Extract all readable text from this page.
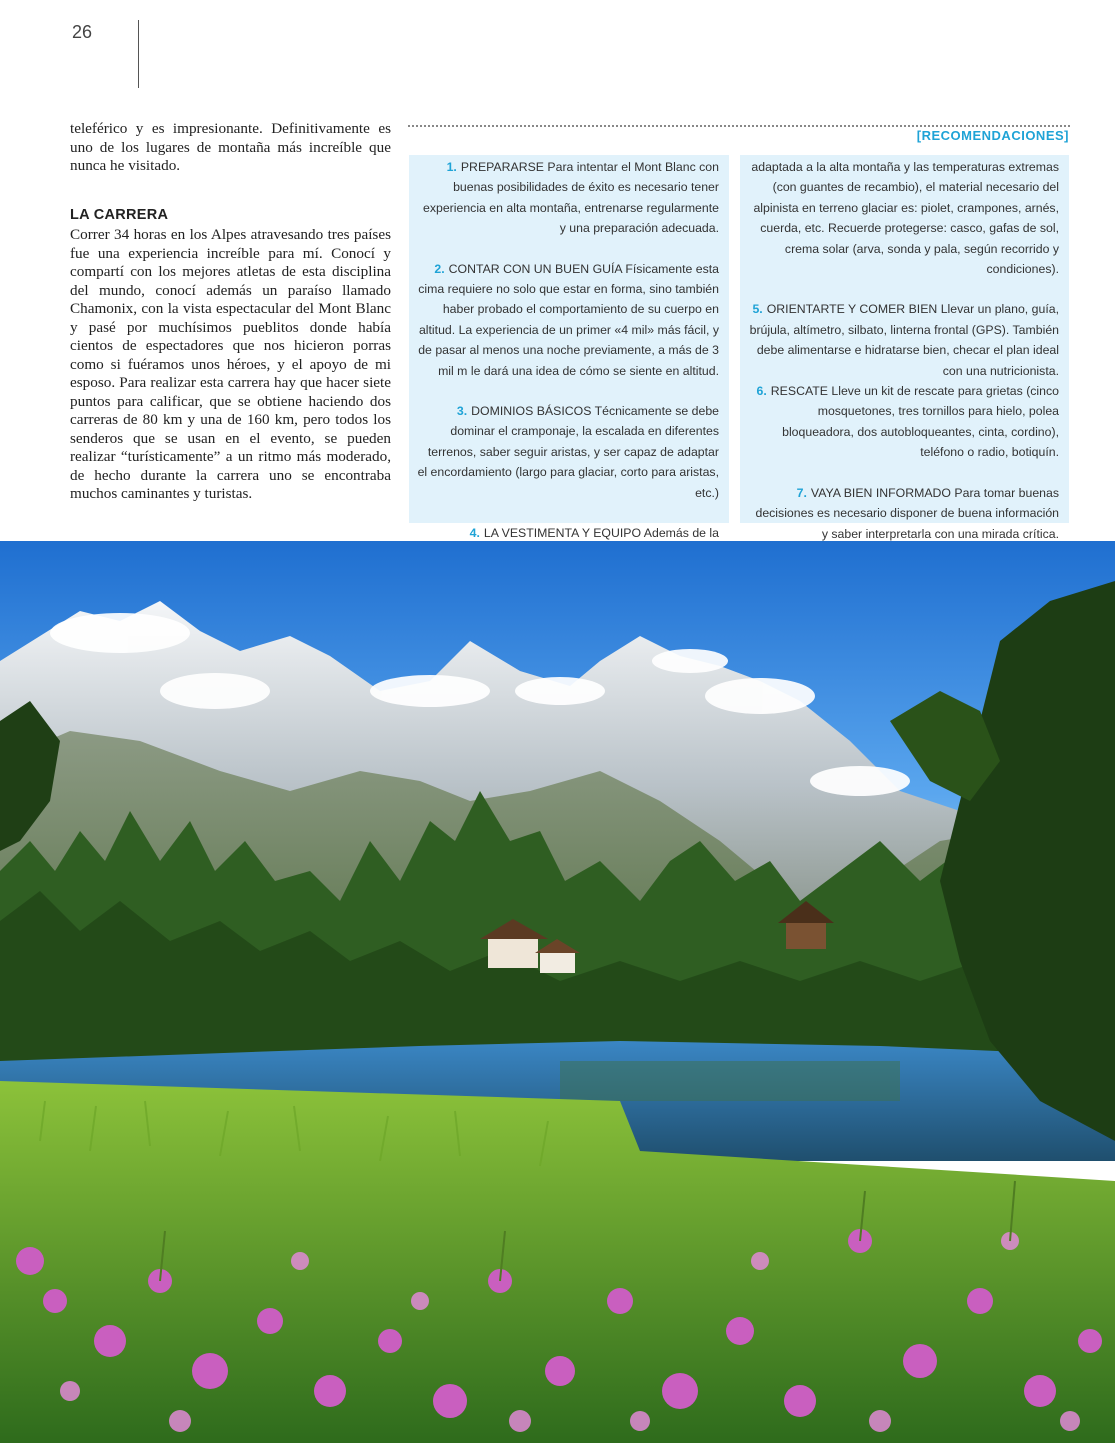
26

teleférico y es impresionante. Definitivamente es uno de los lugares de montaña más increíble que nunca he visitado.

LA CARRERA

Correr 34 horas en los Alpes atravesando tres países fue una experiencia increíble para mí. Conocí y compartí con los mejores atletas de esta disciplina del mundo, conocí además un paraíso llamado Chamonix, con la vista espectacular del Mont Blanc y pasé por muchísimos pueblitos donde había cientos de espectadores que nos hicieron porras como si fuéramos unos héroes, y el apoyo de mi esposo. Para realizar esta carrera hay que hacer siete puntos para calificar, que se obtiene haciendo dos carreras de 80 km y una de 160 km, pero todos los senderos que se usan en el evento, se pueden realizar “turísticamente” a un ritmo más moderado, de hecho durante la carrera uno se encontraba muchos caminantes y turistas.

[RECOMENDACIONES]
1. PREPARARSE Para intentar el Mont Blanc con buenas posibilidades de éxito es necesario tener experiencia en alta montaña, entrenarse regularmente y una preparación adecuada.
2. CONTAR CON UN BUEN GUÍA Físicamente esta cima requiere no solo que estar en forma, sino también haber probado el comportamiento de su cuerpo en altitud. La experiencia de un primer «4 mil» más fácil, y de pasar al menos una noche previamente, a más de 3 mil m le dará una idea de cómo se siente en altitud.
3. DOMINIOS BÁSICOS Técnicamente se debe dominar el cramponaje, la escalada en diferentes terrenos, saber seguir aristas, y ser capaz de adaptar el encordamiento (largo para glaciar, corto para aristas, etc.)
4. LA VESTIMENTA Y EQUIPO Además de la
adaptada a la alta montaña y las temperaturas extremas (con guantes de recambio), el material necesario del alpinista en terreno glaciar es: piolet, crampones, arnés, cuerda, etc. Recuerde protegerse: casco, gafas de sol, crema solar (arva, sonda y pala, según recorrido y condiciones).
5. ORIENTARTE Y COMER BIEN Llevar un plano, guía, brújula, altímetro, silbato, linterna frontal (GPS). También debe alimentarse e hidratarse bien, checar el plan ideal con una nutricionista.
6. RESCATE Lleve un kit de rescate para grietas (cinco mosquetones, tres tornillos para hielo, polea bloqueadora, dos autobloqueantes, cinta, cordino), teléfono o radio, botiquín.
7. VAYA BIEN INFORMADO Para tomar buenas decisiones es necesario disponer de buena información y saber interpretarla con una mirada crítica.
